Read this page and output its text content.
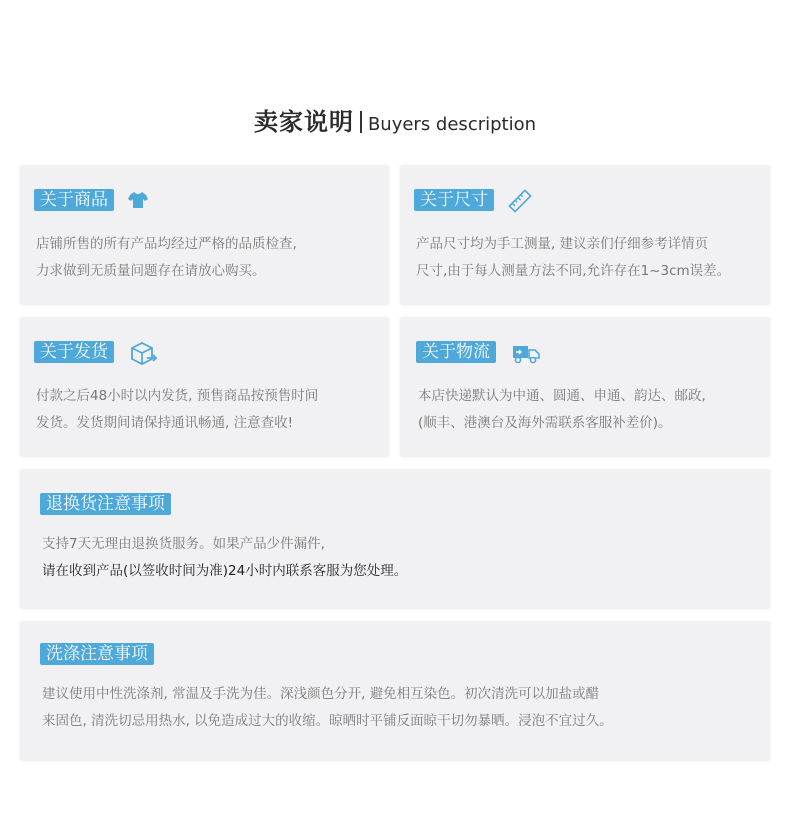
卖家说明 Buyers description
关于商品
店铺所售的所有产品均经过严格的品质检查,
力求做到无质量问题存在请放心购买。
关于尺寸
产品尺寸均为手工测量, 建议亲们仔细参考详情页
尺寸,由于每人测量方法不同,允许存在1~3cm误差。
关于发货
付款之后48小时以内发货, 预售商品按预售时间
发货。发货期间请保持通讯畅通, 注意查收!
关于物流
本店快递默认为中通、圆通、申通、韵达、邮政,
(顺丰、港澳台及海外需联系客服补差价)。
退换货注意事项
支持7天无理由退换货服务。如果产品少件漏件,
请在收到产品(以签收时间为准)24小时内联系客服为您处理。
洗涤注意事项
建议使用中性洗涤剂, 常温及手洗为佳。深浅颜色分开, 避免相互染色。初次清洗可以加盐或醋
来固色, 清洗切忌用热水, 以免造成过大的收缩。晾晒时平铺反面晾干切勿暴晒。浸泡不宜过久。
